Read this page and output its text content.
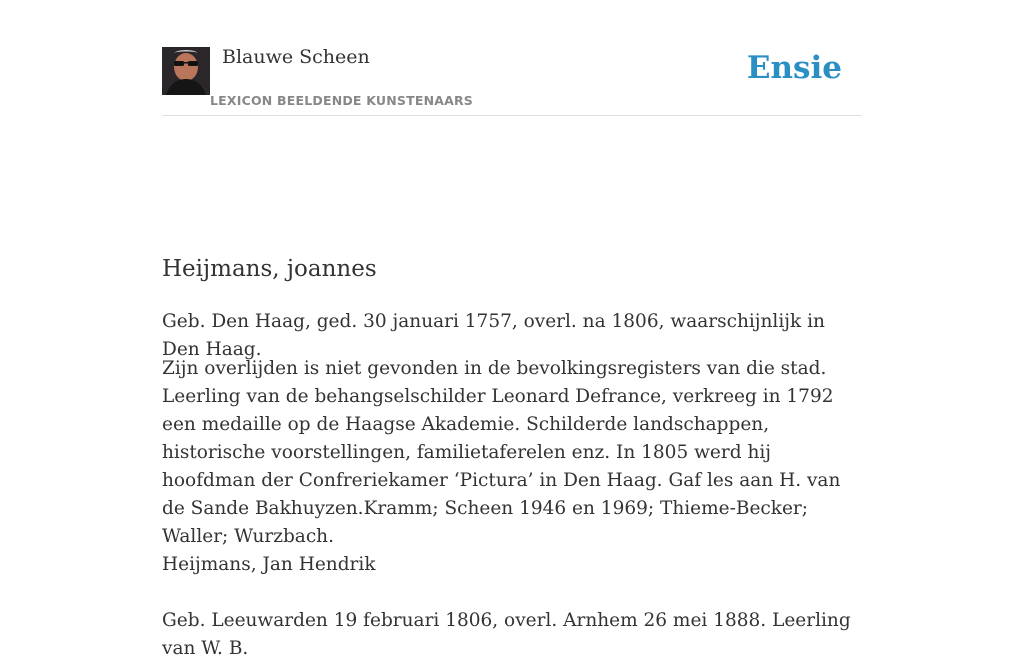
Blauwe Scheen
LEXICON BEELDENDE KUNSTENAARS
Ensie
Heijmans, joannes

Geb. Den Haag, ged. 30 januari 1757, overl. na 1806, waarschijnlijk in Den Haag.

Zijn overlijden is niet gevonden in de bevolkingsregisters van die stad. Leerling van de behangselschilder Leonard Defrance, verkreeg in 1792 een medaille op de Haagse Akademie. Schilderde landschappen, historische voorstellingen, familietaferelen enz. In 1805 werd hij hoofdman der Confreriekamer ‘Pictura’ in Den Haag. Gaf les aan H. van de Sande Bakhuyzen.Kramm; Scheen 1946 en 1969; Thieme-Becker; Waller; Wurzbach.

Heijmans, Jan Hendrik

Geb. Leeuwarden 19 februari 1806, overl. Arnhem 26 mei 1888. Leerling van W. B.
